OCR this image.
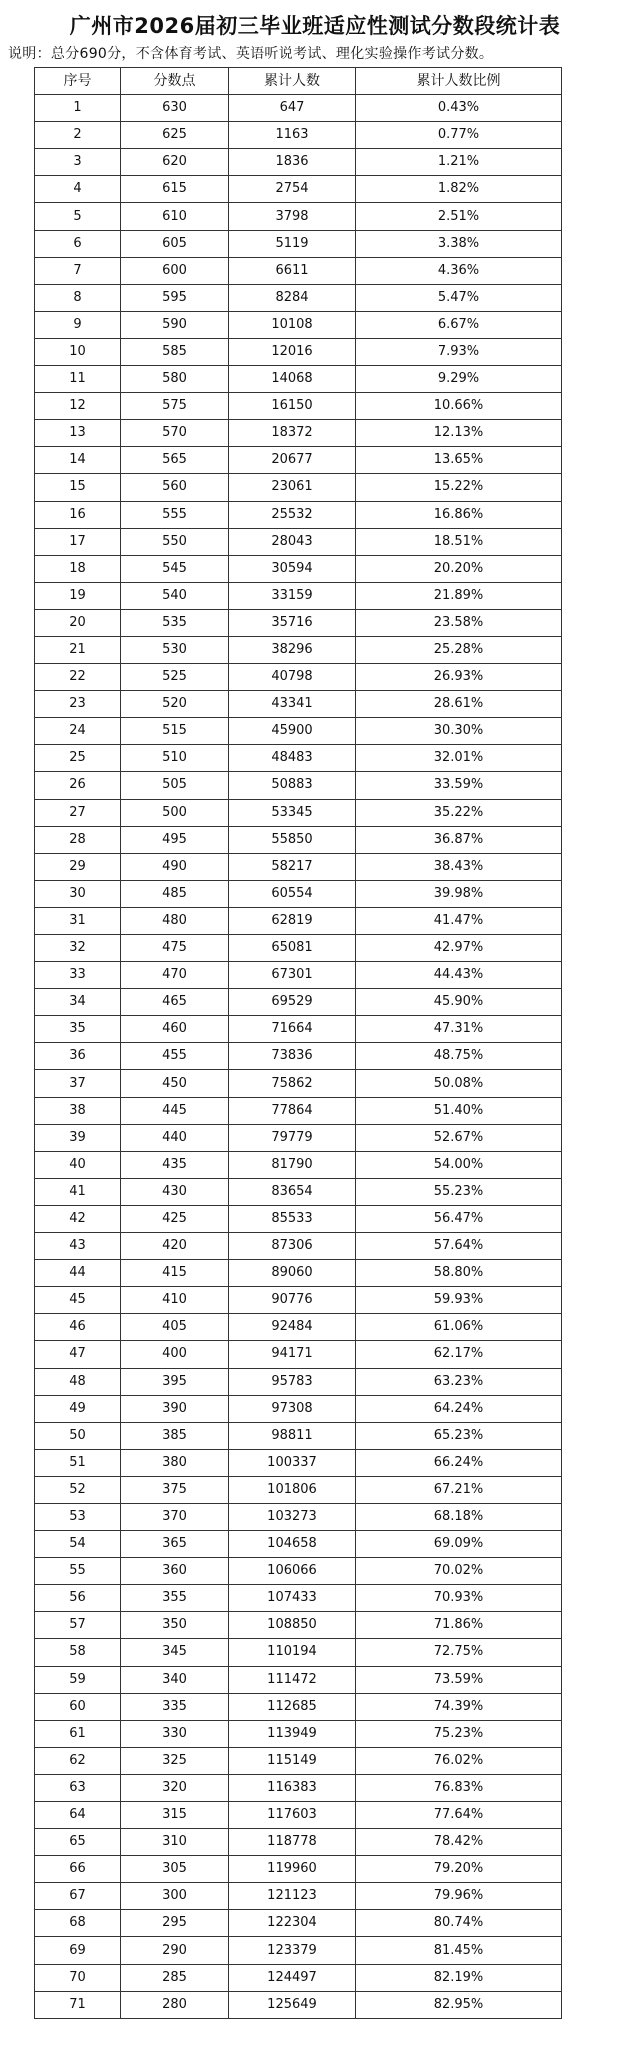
广州市2026届初三毕业班适应性测试分数段统计表
说明：总分690分，不含体育考试、英语听说考试、理化实验操作考试分数。
序号	分数点	累计人数	累计人数比例
1	630	647	0.43%
2	625	1163	0.77%
3	620	1836	1.21%
4	615	2754	1.82%
5	610	3798	2.51%
6	605	5119	3.38%
7	600	6611	4.36%
8	595	8284	5.47%
9	590	10108	6.67%
10	585	12016	7.93%
11	580	14068	9.29%
12	575	16150	10.66%
13	570	18372	12.13%
14	565	20677	13.65%
15	560	23061	15.22%
16	555	25532	16.86%
17	550	28043	18.51%
18	545	30594	20.20%
19	540	33159	21.89%
20	535	35716	23.58%
21	530	38296	25.28%
22	525	40798	26.93%
23	520	43341	28.61%
24	515	45900	30.30%
25	510	48483	32.01%
26	505	50883	33.59%
27	500	53345	35.22%
28	495	55850	36.87%
29	490	58217	38.43%
30	485	60554	39.98%
31	480	62819	41.47%
32	475	65081	42.97%
33	470	67301	44.43%
34	465	69529	45.90%
35	460	71664	47.31%
36	455	73836	48.75%
37	450	75862	50.08%
38	445	77864	51.40%
39	440	79779	52.67%
40	435	81790	54.00%
41	430	83654	55.23%
42	425	85533	56.47%
43	420	87306	57.64%
44	415	89060	58.80%
45	410	90776	59.93%
46	405	92484	61.06%
47	400	94171	62.17%
48	395	95783	63.23%
49	390	97308	64.24%
50	385	98811	65.23%
51	380	100337	66.24%
52	375	101806	67.21%
53	370	103273	68.18%
54	365	104658	69.09%
55	360	106066	70.02%
56	355	107433	70.93%
57	350	108850	71.86%
58	345	110194	72.75%
59	340	111472	73.59%
60	335	112685	74.39%
61	330	113949	75.23%
62	325	115149	76.02%
63	320	116383	76.83%
64	315	117603	77.64%
65	310	118778	78.42%
66	305	119960	79.20%
67	300	121123	79.96%
68	295	122304	80.74%
69	290	123379	81.45%
70	285	124497	82.19%
71	280	125649	82.95%
